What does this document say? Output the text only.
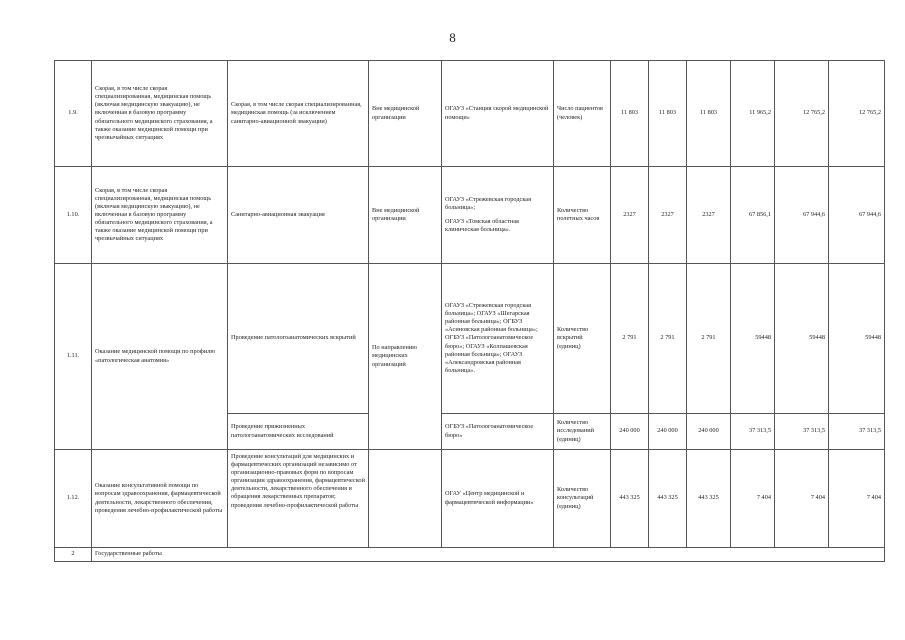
8
1.9.	Скорая, в том числе скорая специализированная, медицинская помощь (включая медицинскую эвакуацию), не включенная в базовую программу обязательного медицинского страхования, а также оказание медицинской помощи при чрезвычайных ситуациях	Скорая, в том числе скорая специализированная, медицинская помощь (за исключением санитарно-авиационной эвакуации)	Вне медицинской организации	ОГАУЗ «Станция скорой медицинской помощи»	Число пациентов (человек)	11 803	11 803	11 803	11 965,2	12 765,2	12 765,2
1.10.	Скорая, в том числе скорая специализированная, медицинская помощь (включая медицинскую эвакуацию), не включенная в базовую программу обязательного медицинского страхования, а также оказание медицинской помощи при чрезвычайных ситуациях	Санитарно-авиационная эвакуация	Вне медицинской организации	ОГАУЗ «Стрежевская городская больница»;
ОГАУЗ «Томская областная клиническая больница».	Количество полетных часов	2327	2327	2327	67 856,1	67 944,6	67 944,6
1.11.	Оказание медицинской помощи по профилю «патологическая анатомия»	Проведение патологоанатомических вскрытий	По направлению медицинских организаций	ОГАУЗ «Стрежевская городская больница»; ОГАУЗ «Шегарская районная больница»; ОГБУЗ «Асиновская районная больница»; ОГБУЗ «Патологоанатомическое бюро»; ОГАУЗ «Колпашевская районная больница»; ОГАУЗ «Александровская районная больница».	Количество вскрытий (единиц)	2 791	2 791	2 791	59448	59448	59448
		Проведение прижизненных патологоанатомических исследований		ОГБУЗ «Патологоанатомическое бюро»	Количество исследований (единиц)	240 000	240 000	240 000	37 313,5	37 313,5	37 313,5
1.12.	Оказание консультативной помощи по вопросам здравоохранения, фармацевтической деятельности, лекарственного обеспечения, проведения лечебно-профилактической работы	Проведение консультаций для медицинских и фармацевтических организаций независимо от организационно-правовых форм по вопросам организации здравоохранения, фармацевтической деятельности, лекарственного обеспечения и обращения лекарственных препаратов; проведения лечебно-профилактической работы		ОГАУ «Центр медицинской и фармацевтической информации»	Количество консультаций (единиц)	443 325	443 325	443 325	7 404	7 404	7 404
2	Государственные работы										
